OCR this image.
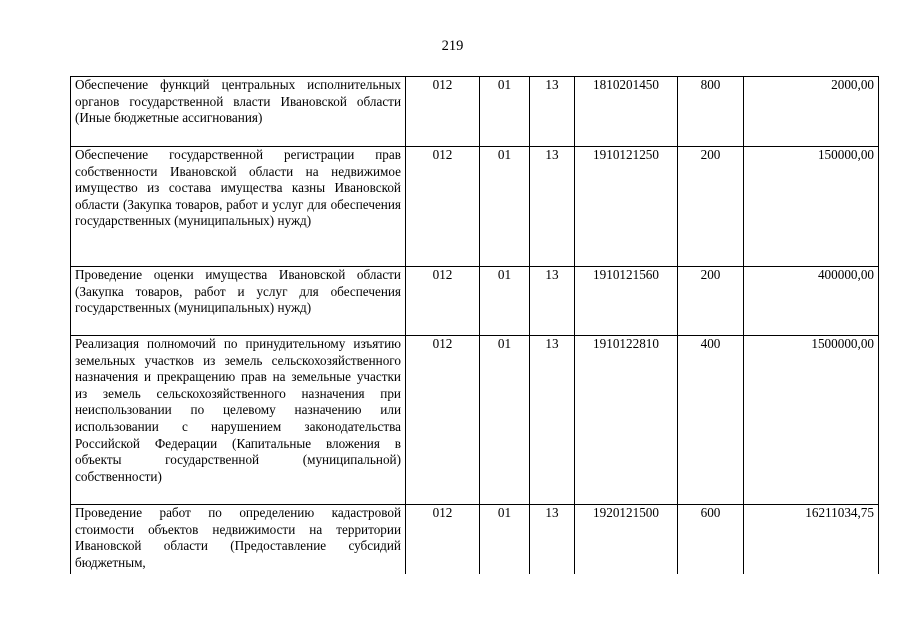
219
Обеспечение функций центральных исполнительных органов государственной власти Ивановской области (Иные бюджетные ассигнования)	012	01	13	1810201450	800	2000,00
Обеспечение государственной регистрации прав собственности Ивановской области на недвижимое имущество из состава имущества казны Ивановской области (Закупка товаров, работ и услуг для обеспечения государственных (муниципальных) нужд)	012	01	13	1910121250	200	150000,00
Проведение оценки имущества Ивановской области (Закупка товаров, работ и услуг для обеспечения государственных (муниципальных) нужд)	012	01	13	1910121560	200	400000,00
Реализация полномочий по принудительному изъятию земельных участков из земель сельскохозяйственного назначения и прекращению прав на земельные участки из земель сельскохозяйственного назначения при неиспользовании по целевому назначению или использовании с нарушением законодательства Российской Федерации (Капитальные вложения в объекты государственной (муниципальной) собственности)	012	01	13	1910122810	400	1500000,00
Проведение работ по определению кадастровой стоимости объектов недвижимости на территории Ивановской области (Предоставление субсидий бюджетным,	012	01	13	1920121500	600	16211034,75
